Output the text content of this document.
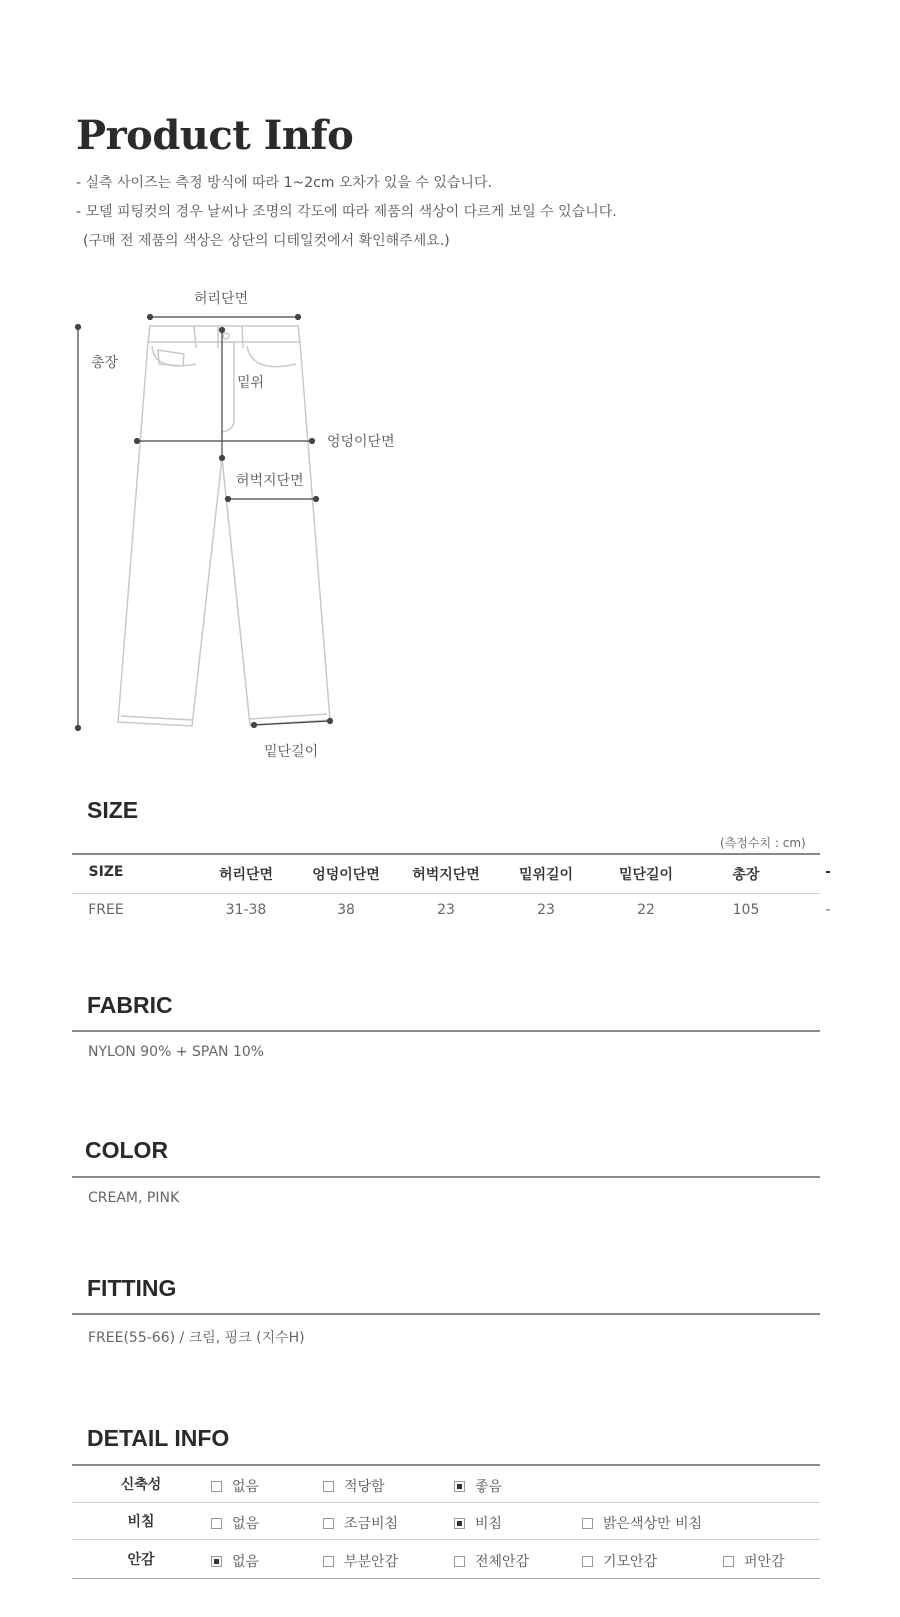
Product Info
- 실측 사이즈는 측정 방식에 따라 1~2cm 오차가 있을 수 있습니다.
- 모델 피팅컷의 경우 날씨나 조명의 각도에 따라 제품의 색상이 다르게 보일 수 있습니다.
(구매 전 제품의 색상은 상단의 디테일컷에서 확인해주세요.)
허리단면
총장
밑위
엉덩이단면
허벅지단면
밑단길이
SIZE
(측정수치 : cm)
SIZE	허리단면	엉덩이단면	허벅지단면	밑위길이	밑단길이	총장	-
FREE	31-38	38	23	23	22	105	-
FABRIC
NYLON 90% + SPAN 10%
COLOR
CREAM, PINK
FITTING
FREE(55-66) / 크림, 핑크 (지수H)
DETAIL INFO
신축성	없음	적당함	좋음
비침	없음	조금비침	비침	밝은색상만 비침
안감	없음	부분안감	전체안감	기모안감	퍼안감
